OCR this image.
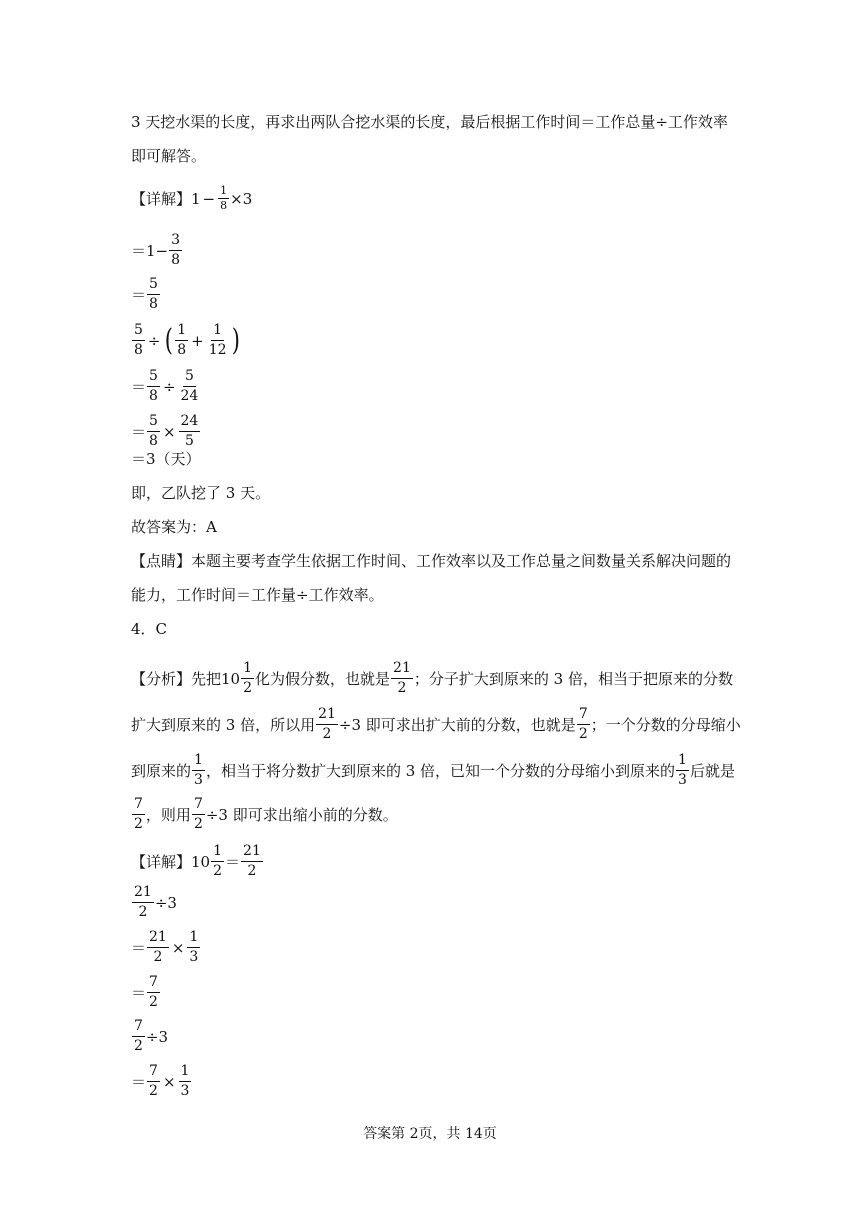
3 天挖水渠的长度，再求出两队合挖水渠的长度，最后根据工作时间＝工作总量÷工作效率
即可解答。
【详解】$1 - \frac{1}{8} \times 3$
$=1- \frac{3}{8}$
＝ $\frac{5}{8}$
$\frac{5}{8}$ ÷ ( $\frac{1}{8} + \frac{1}{12}$ )
＝ $\frac{5}{8} \div \frac{5}{24}$
＝ $\frac{5}{8} \times \frac{24}{5}$
＝3（天）
即，乙队挖了 3 天。
故答案为：A
【点睛】本题主要考查学生依据工作时间、工作效率以及工作总量之间数量关系解决问题的
能力，工作时间＝工作量÷工作效率。
4．C
【分析】先把$10 \frac{1}{2}$ 化为假分数，也就是 $\frac{21}{2}$ ；分子扩大到原来的 3 倍，相当于把原来的分数
扩大到原来的 3 倍，所以用 $\frac{21}{2} \div 3$ 即可求出扩大前的分数，也就是 $\frac{7}{2}$ ；一个分数的分母缩小
到原来的 $\frac{1}{3}$ ，相当于将分数扩大到原来的 3 倍，已知一个分数的分母缩小到原来的 $\frac{1}{3}$ 后就是
$\frac{7}{2}$ ，则用 $\frac{7}{2} \div 3$ 即可求出缩小前的分数。
【详解】$10 \frac{1}{2} = \frac{21}{2}$
$\frac{21}{2} \div 3$
＝ $\frac{21}{2} \times \frac{1}{3}$
＝ $\frac{7}{2}$
$\frac{7}{2} \div 3$
＝ $\frac{7}{2} \times \frac{1}{3}$
答案第 2页，共 14页
